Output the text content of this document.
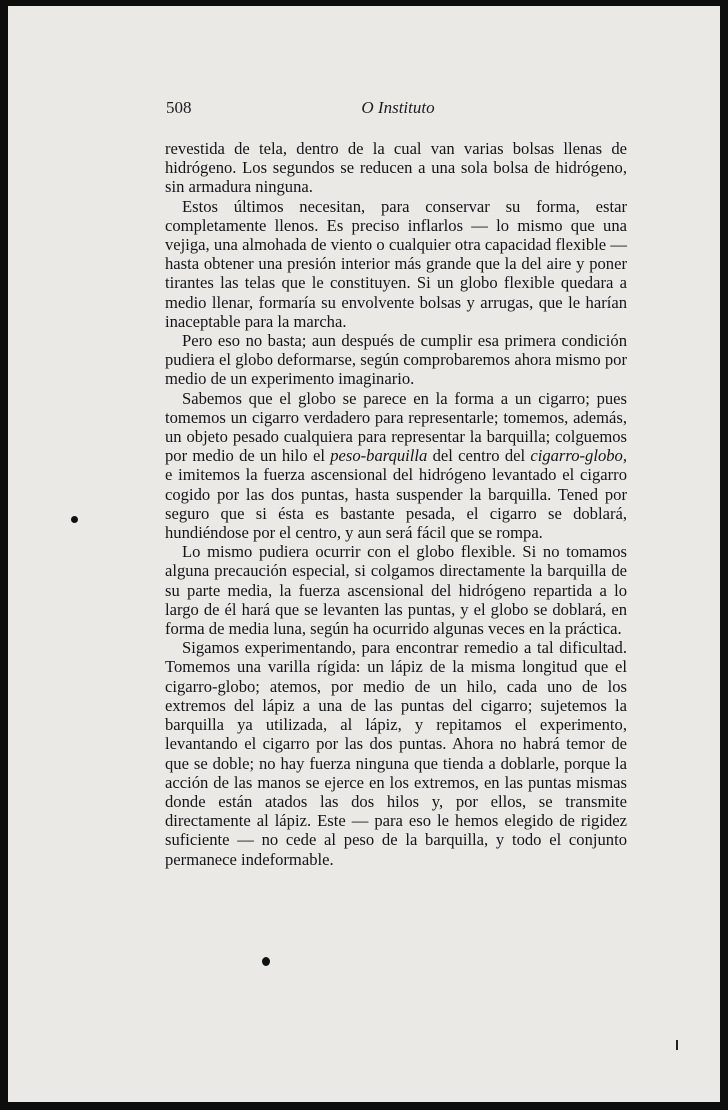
508	O Instituto

revestida de tela, dentro de la cual van varias bolsas llenas de hidrógeno. Los segundos se reducen a una sola bolsa de hidrógeno, sin armadura ninguna.

Estos últimos necesitan, para conservar su forma, estar completamente llenos. Es preciso inflarlos — lo mismo que una vejiga, una almohada de viento o cualquier otra capacidad flexible — hasta obtener una presión interior más grande que la del aire y poner tirantes las telas que le constituyen. Si un globo flexible quedara a medio llenar, formaría su envolvente bolsas y arrugas, que le harían inaceptable para la marcha.

Pero eso no basta; aun después de cumplir esa primera condición pudiera el globo deformarse, según comprobaremos ahora mismo por medio de un experimento imaginario.

Sabemos que el globo se parece en la forma a un cigarro; pues tomemos un cigarro verdadero para representarle; tomemos, además, un objeto pesado cualquiera para representar la barquilla; colguemos por medio de un hilo el peso-barquilla del centro del cigarro-globo, e imitemos la fuerza ascensional del hidrógeno levantado el cigarro cogido por las dos puntas, hasta suspender la barquilla. Tened por seguro que si ésta es bastante pesada, el cigarro se doblará, hundiéndose por el centro, y aun será fácil que se rompa.

Lo mismo pudiera ocurrir con el globo flexible. Si no tomamos alguna precaución especial, si colgamos directamente la barquilla de su parte media, la fuerza ascensional del hidrógeno repartida a lo largo de él hará que se levanten las puntas, y el globo se doblará, en forma de media luna, según ha ocurrido algunas veces en la práctica.

Sigamos experimentando, para encontrar remedio a tal dificultad. Tomemos una varilla rígida: un lápiz de la misma longitud que el cigarro-globo; atemos, por medio de un hilo, cada uno de los extremos del lápiz a una de las puntas del cigarro; sujetemos la barquilla ya utilizada, al lápiz, y repitamos el experimento, levantando el cigarro por las dos puntas. Ahora no habrá temor de que se doble; no hay fuerza ninguna que tienda a doblarle, porque la acción de las manos se ejerce en los extremos, en las puntas mismas donde están atados las dos hilos y, por ellos, se transmite directamente al lápiz. Este — para eso le hemos elegido de rigidez suficiente — no cede al peso de la barquilla, y todo el conjunto permanece indeformable.
